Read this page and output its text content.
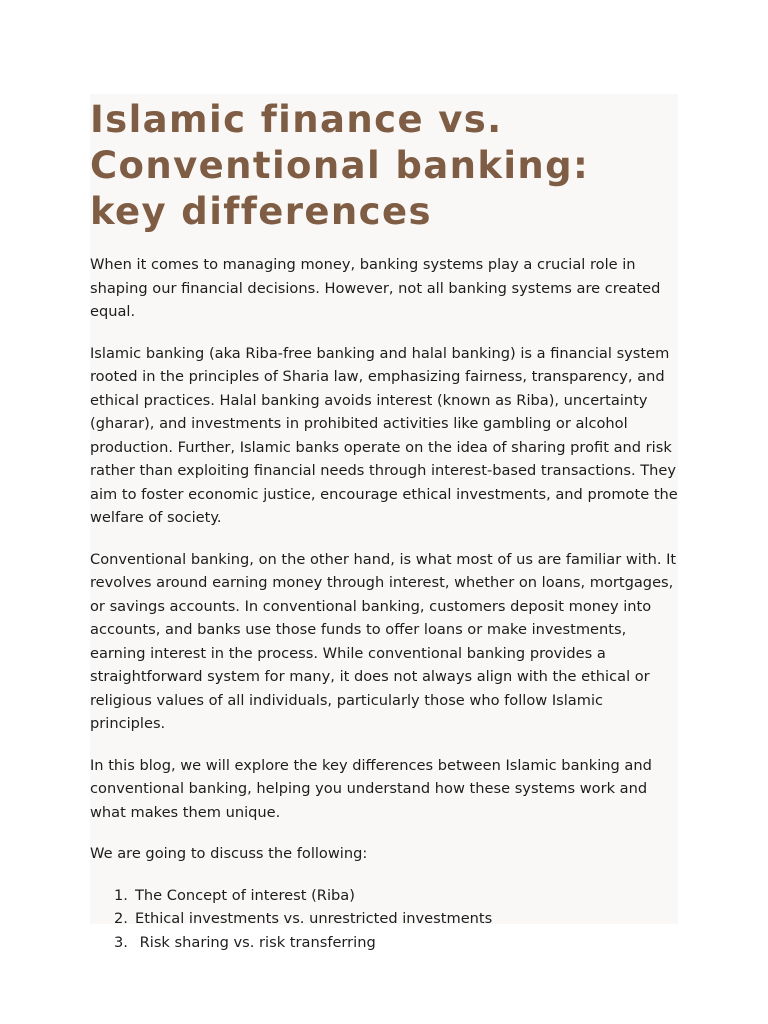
Islamic finance vs. Conventional banking: key differences

When it comes to managing money, banking systems play a crucial role in shaping our financial decisions. However, not all banking systems are created equal.

Islamic banking (aka Riba-free banking and halal banking) is a financial system rooted in the principles of Sharia law, emphasizing fairness, transparency, and ethical practices. Halal banking avoids interest (known as Riba), uncertainty (gharar), and investments in prohibited activities like gambling or alcohol production. Further, Islamic banks operate on the idea of sharing profit and risk rather than exploiting financial needs through interest-based transactions. They aim to foster economic justice, encourage ethical investments, and promote the welfare of society.

Conventional banking, on the other hand, is what most of us are familiar with. It revolves around earning money through interest, whether on loans, mortgages, or savings accounts. In conventional banking, customers deposit money into accounts, and banks use those funds to offer loans or make investments, earning interest in the process. While conventional banking provides a straightforward system for many, it does not always align with the ethical or religious values of all individuals, particularly those who follow Islamic principles.

In this blog, we will explore the key differences between Islamic banking and conventional banking, helping you understand how these systems work and what makes them unique.

We are going to discuss the following:

1. The Concept of interest (Riba)
2. Ethical investments vs. unrestricted investments
3. Risk sharing vs. risk transferring
